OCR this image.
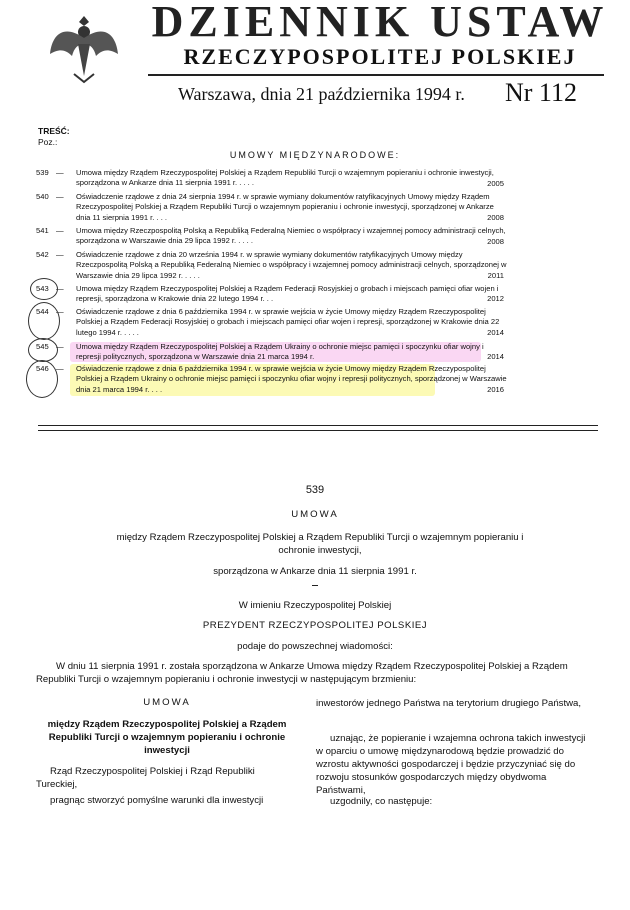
DZIENNIK USTAW
RZECZYPOSPOLITEJ POLSKIEJ
Warszawa, dnia 21 października 1994 r. Nr 112
TREŚĆ:
Poz.:
UMOWY MIĘDZYNARODOWE:
539 — Umowa między Rządem Rzeczypospolitej Polskiej a Rządem Republiki Turcji o wzajemnym popieraniu i ochronie inwestycji, sporządzona w Ankarze dnia 11 sierpnia 1991 r. . . . .	2005
540 — Oświadczenie rządowe z dnia 24 sierpnia 1994 r. w sprawie wymiany dokumentów ratyfikacyjnych Umowy między Rządem Rzeczypospolitej Polskiej a Rządem Republiki Turcji o wzajemnym popieraniu i ochronie inwestycji, sporządzonej w Ankarze dnia 11 sierpnia 1991 r. . . .	2008
541 — Umowa między Rzeczpospolitą Polską a Republiką Federalną Niemiec o współpracy i wzajemnej pomocy administracji celnych, sporządzona w Warszawie dnia 29 lipca 1992 r. . . . .	2008
542 — Oświadczenie rządowe z dnia 20 września 1994 r. w sprawie wymiany dokumentów ratyfikacyjnych Umowy między Rzeczpospolitą Polską a Republiką Federalną Niemiec o współpracy i wzajemnej pomocy administracji celnych, sporządzonej w Warszawie dnia 29 lipca 1992 r. . . . .	2011
543 — Umowa między Rządem Rzeczypospolitej Polskiej a Rządem Federacji Rosyjskiej o grobach i miejscach pamięci ofiar wojen i represji, sporządzona w Krakowie dnia 22 lutego 1994 r. . .	2012
544 — Oświadczenie rządowe z dnia 6 października 1994 r. w sprawie wejścia w życie Umowy między Rządem Rzeczypospolitej Polskiej a Rządem Federacji Rosyjskiej o grobach i miejscach pamięci ofiar wojen i represji, sporządzonej w Krakowie dnia 22 lutego 1994 r. . . . .	2014
545 — Umowa między Rządem Rzeczypospolitej Polskiej a Rządem Ukrainy o ochronie miejsc pamięci i spoczynku ofiar wojny i represji politycznych, sporządzona w Warszawie dnia 21 marca 1994 r.	2014
546 — Oświadczenie rządowe z dnia 6 października 1994 r. w sprawie wejścia w życie Umowy między Rządem Rzeczypospolitej Polskiej a Rządem Ukrainy o ochronie miejsc pamięci i spoczynku ofiar wojny i represji politycznych, sporządzonej w Warszawie dnia 21 marca 1994 r. . . .	2016
539
UMOWA
między Rządem Rzeczypospolitej Polskiej a Rządem Republiki Turcji o wzajemnym popieraniu i ochronie inwestycji,
sporządzona w Ankarze dnia 11 sierpnia 1991 r.
W imieniu Rzeczypospolitej Polskiej
PREZYDENT RZECZYPOSPOLITEJ POLSKIEJ
podaje do powszechnej wiadomości:
W dniu 11 sierpnia 1991 r. została sporządzona w Ankarze Umowa między Rządem Rzeczypospolitej Polskiej a Rządem Republiki Turcji o wzajemnym popieraniu i ochronie inwestycji w następującym brzmieniu:
UMOWA
między Rządem Rzeczypospolitej Polskiej a Rządem Republiki Turcji o wzajemnym popieraniu i ochronie inwestycji
Rząd Rzeczypospolitej Polskiej i Rząd Republiki Tureckiej,
pragnąc stworzyć pomyślne warunki dla inwestycji
inwestorów jednego Państwa na terytorium drugiego Państwa,
uznając, że popieranie i wzajemna ochrona takich inwestycji w oparciu o umowę międzynarodową będzie prowadzić do wzrostu aktywności gospodarczej i będzie przyczyniać się do rozwoju stosunków gospodarczych między obydwoma Państwami,
uzgodnily, co następuje:
